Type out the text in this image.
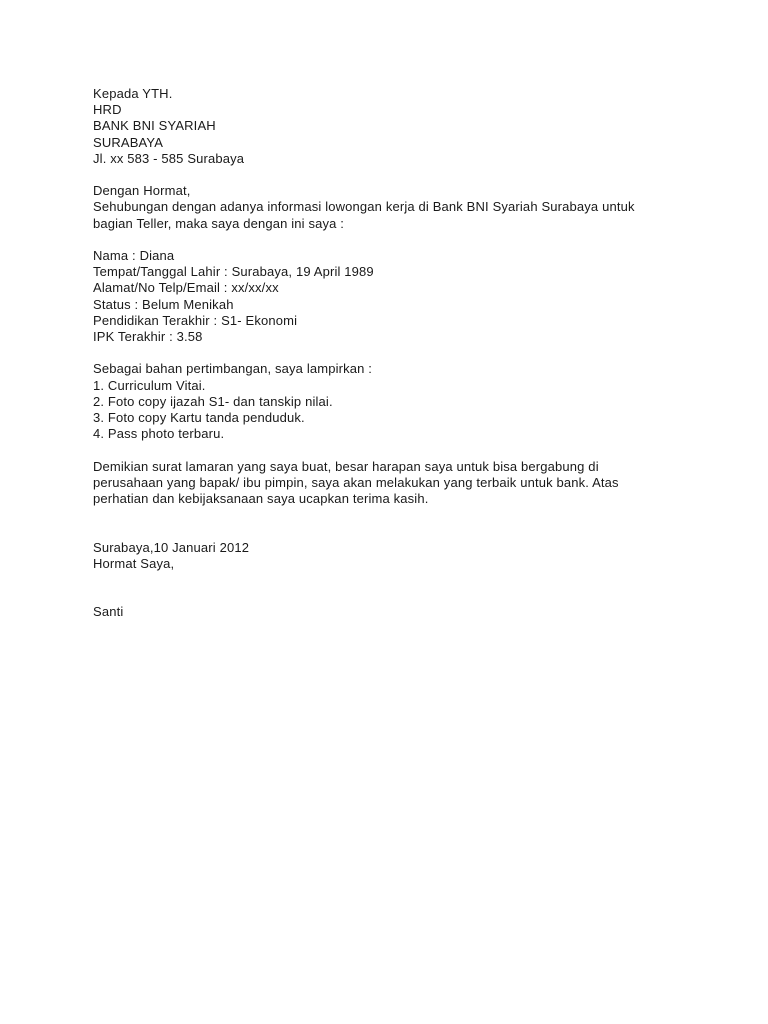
Kepada YTH.
HRD
BANK BNI SYARIAH
SURABAYA
Jl. xx 583 - 585 Surabaya
Dengan Hormat,
Sehubungan dengan adanya informasi lowongan kerja di Bank BNI Syariah Surabaya untuk
bagian Teller, maka saya dengan ini saya :
Nama : Diana
Tempat/Tanggal Lahir : Surabaya, 19 April 1989
Alamat/No Telp/Email : xx/xx/xx
Status : Belum Menikah
Pendidikan Terakhir : S1- Ekonomi
IPK Terakhir : 3.58
Sebagai bahan pertimbangan, saya lampirkan :
1. Curriculum Vitai.
2. Foto copy ijazah S1- dan tanskip nilai.
3. Foto copy Kartu tanda penduduk.
4. Pass photo terbaru.
Demikian surat lamaran yang saya buat, besar harapan saya untuk bisa bergabung di
perusahaan yang bapak/ ibu pimpin, saya akan melakukan yang terbaik untuk bank. Atas
perhatian dan kebijaksanaan saya ucapkan terima kasih.
Surabaya,10 Januari 2012
Hormat Saya,
Santi
